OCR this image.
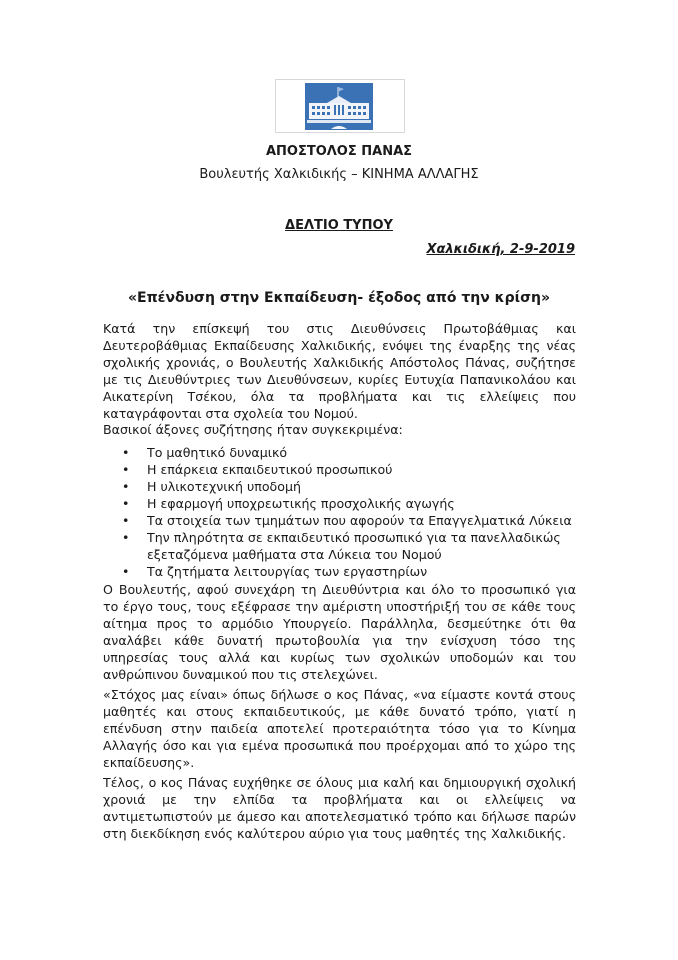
ΑΠΟΣΤΟΛΟΣ ΠΑΝΑΣ
Βουλευτής Χαλκιδικής – ΚΙΝΗΜΑ ΑΛΛΑΓΗΣ
ΔΕΛΤΙΟ ΤΥΠΟΥ
Χαλκιδική, 2-9-2019
«Επένδυση στην Εκπαίδευση- έξοδος από την κρίση»

Κατά την επίσκεψή του στις Διευθύνσεις Πρωτοβάθμιας και Δευτεροβάθμιας Εκπαίδευσης Χαλκιδικής, ενόψει της έναρξης της νέας σχολικής χρονιάς, ο Βουλευτής Χαλκιδικής Απόστολος Πάνας, συζήτησε με τις Διευθύντριες των Διευθύνσεων, κυρίες Ευτυχία Παπανικολάου και Αικατερίνη Τσέκου, όλα τα προβλήματα και τις ελλείψεις που καταγράφονται στα σχολεία του Νομού.

Βασικοί άξονες συζήτησης ήταν συγκεκριμένα:

• Το μαθητικό δυναμικό
• Η επάρκεια εκπαιδευτικού προσωπικού
• Η υλικοτεχνική υποδομή
• Η εφαρμογή υποχρεωτικής προσχολικής αγωγής
• Τα στοιχεία των τμημάτων που αφορούν τα Επαγγελματικά Λύκεια
• Την πληρότητα σε εκπαιδευτικό προσωπικό για τα πανελλαδικώς εξεταζόμενα μαθήματα στα Λύκεια του Νομού
• Τα ζητήματα λειτουργίας των εργαστηρίων

Ο Βουλευτής, αφού συνεχάρη τη Διευθύντρια και όλο το προσωπικό για το έργο τους, τους εξέφρασε την αμέριστη υποστήριξή του σε κάθε τους αίτημα προς το αρμόδιο Υπουργείο. Παράλληλα, δεσμεύτηκε ότι θα αναλάβει κάθε δυνατή πρωτοβουλία για την ενίσχυση τόσο της υπηρεσίας τους αλλά και κυρίως των σχολικών υποδομών και του ανθρώπινου δυναμικού που τις στελεχώνει.

«Στόχος μας είναι» όπως δήλωσε ο κος Πάνας, «να είμαστε κοντά στους μαθητές και στους εκπαιδευτικούς, με κάθε δυνατό τρόπο, γιατί η επένδυση στην παιδεία αποτελεί προτεραιότητα τόσο για το Κίνημα Αλλαγής όσο και για εμένα προσωπικά που προέρχομαι από το χώρο της εκπαίδευσης».

Τέλος, ο κος Πάνας ευχήθηκε σε όλους μια καλή και δημιουργική σχολική χρονιά με την ελπίδα τα προβλήματα και οι ελλείψεις να αντιμετωπιστούν με άμεσο και αποτελεσματικό τρόπο και δήλωσε παρών στη διεκδίκηση ενός καλύτερου αύριο για τους μαθητές της Χαλκιδικής.
